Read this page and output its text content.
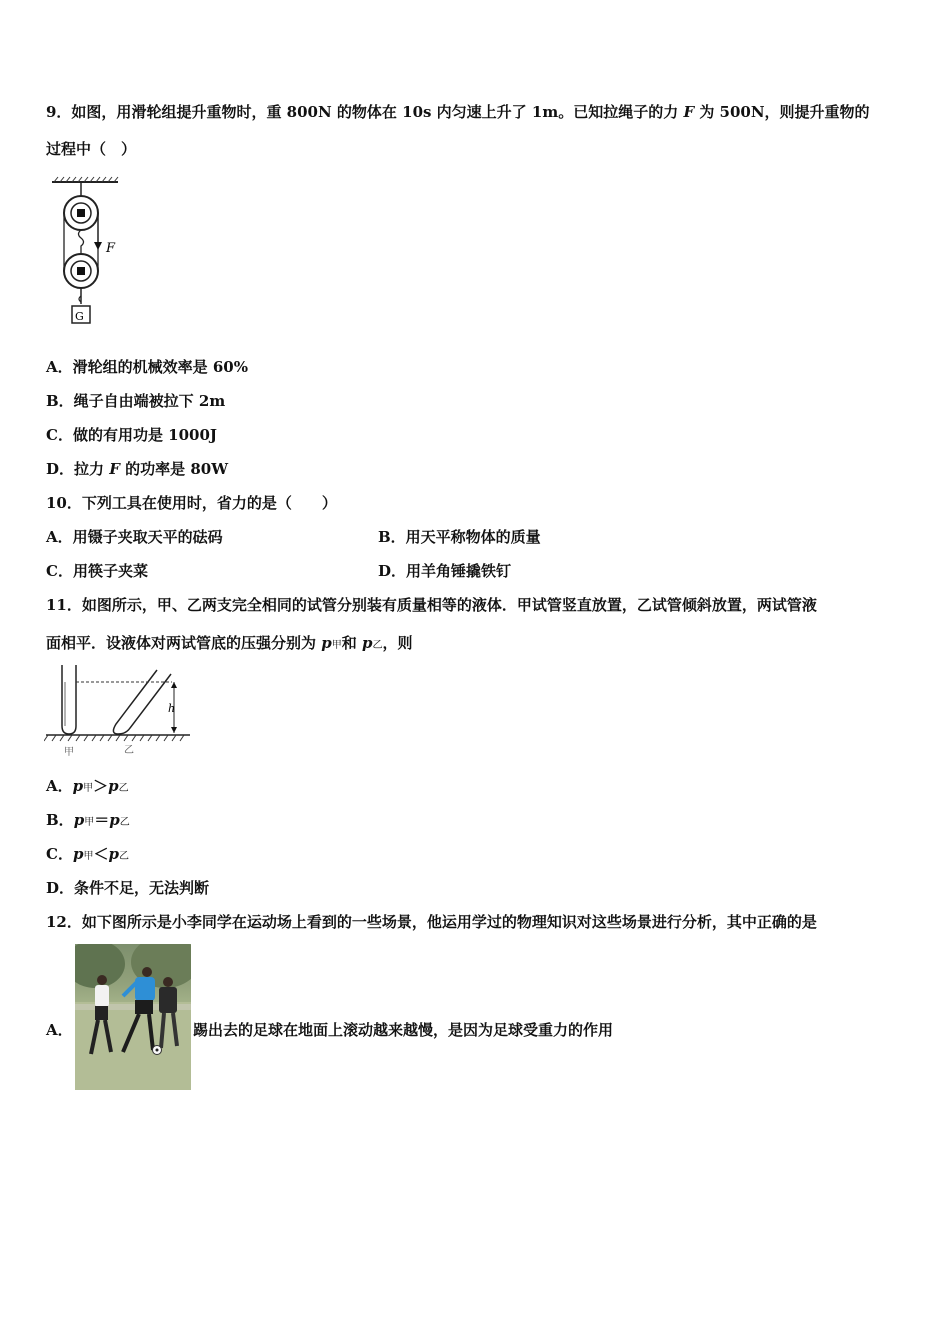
9．如图，用滑轮组提升重物时，重 800N 的物体在 10s 内匀速上升了 1m。已知拉绳子的力 F 为 500N，则提升重物的
过程中（　）
F
G
A．滑轮组的机械效率是 60%
B．绳子自由端被拉下 2m
C．做的有用功是 1000J
D．拉力 F 的功率是 80W
10．下列工具在使用时，省力的是（　　）
A．用镊子夹取天平的砝码	B．用天平称物体的质量
C．用筷子夹菜	D．用羊角锤撬铁钉
11．如图所示，甲、乙两支完全相同的试管分别装有质量相等的液体．甲试管竖直放置，乙试管倾斜放置，两试管液
面相平．设液体对两试管底的压强分别为 p甲和 p乙，则
h
甲	乙
A．p甲＞p乙
B．p甲＝p乙
C．p甲＜p乙
D．条件不足，无法判断
12．如下图所示是小李同学在运动场上看到的一些场景，他运用学过的物理知识对这些场景进行分析，其中正确的是
A．	踢出去的足球在地面上滚动越来越慢，是因为足球受重力的作用
